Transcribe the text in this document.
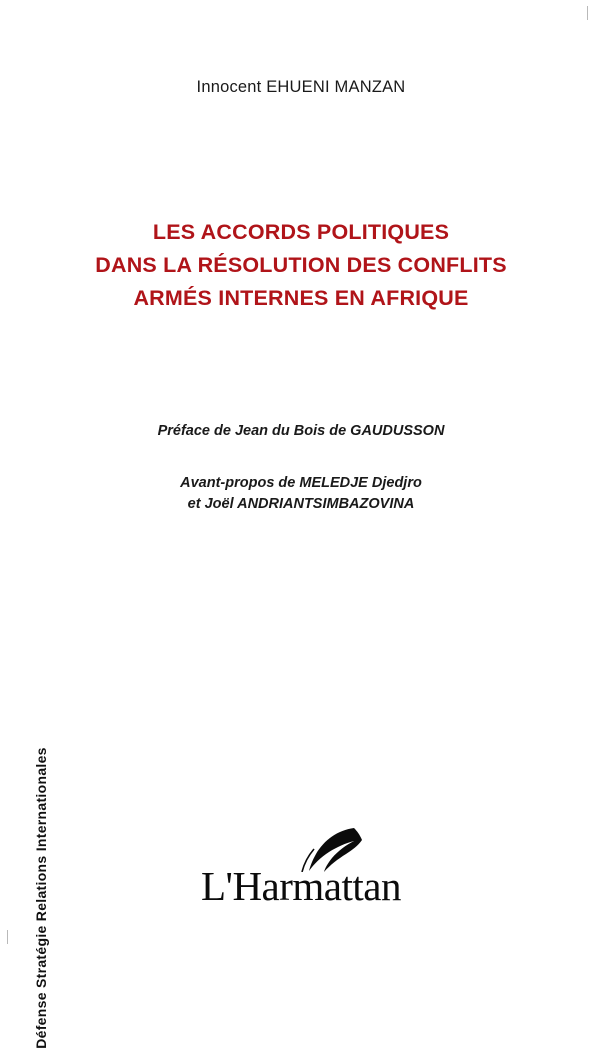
Innocent EHUENI MANZAN
LES ACCORDS POLITIQUES
DANS LA RÉSOLUTION DES CONFLITS
ARMÉS INTERNES EN AFRIQUE
Préface de Jean du Bois de GAUDUSSON
Avant-propos de MELEDJE Djedjro
et Joël ANDRIANTSIMBAZOVINA
Défense Stratégie Relations Internationales	L'Harmattan
